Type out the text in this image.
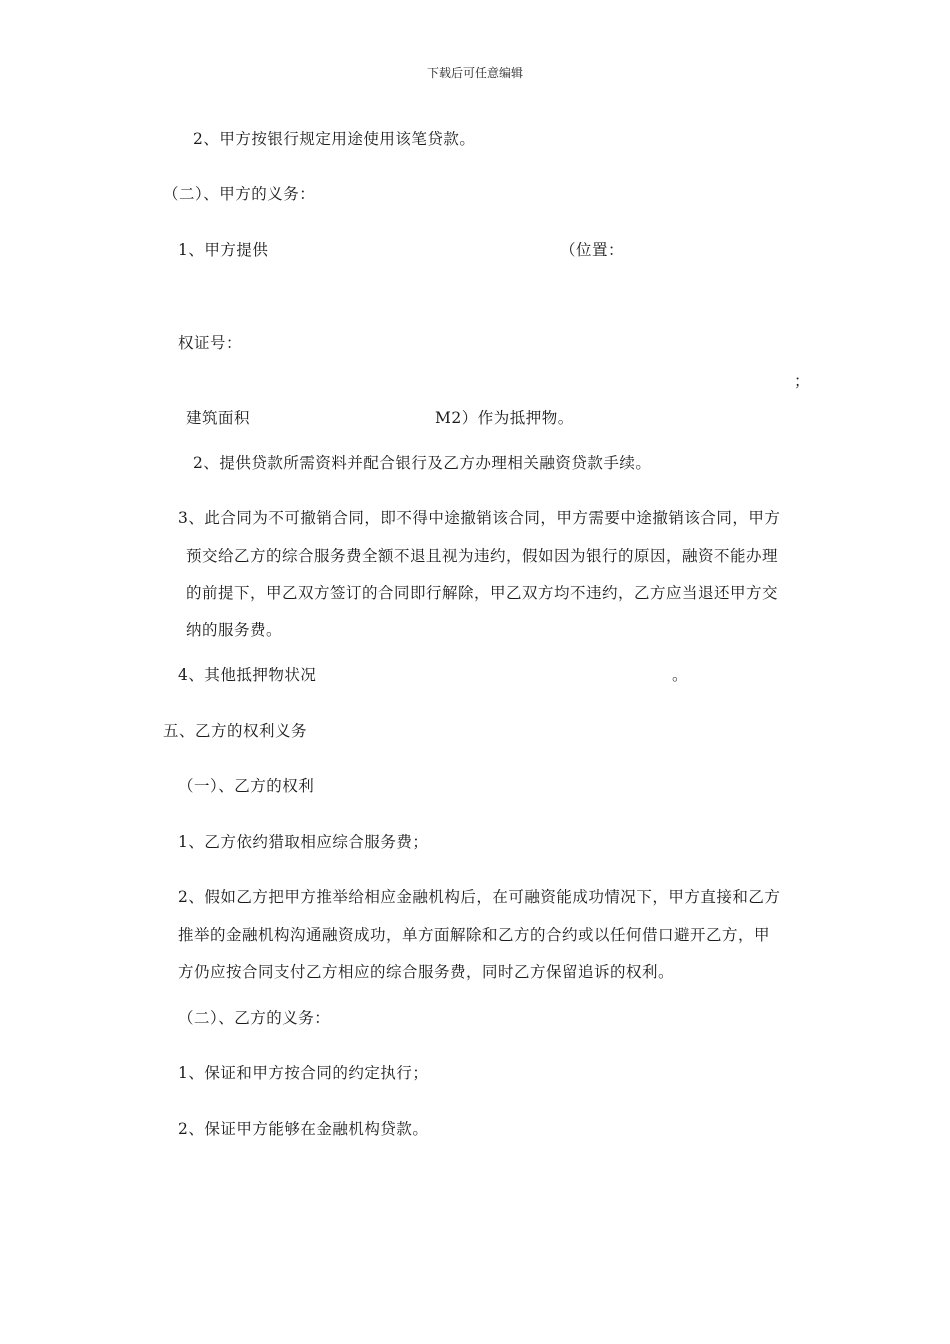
下载后可任意编辑
2、甲方按银行规定用途使用该笔贷款。
（二）、甲方的义务：
1、甲方提供	（位置：
权证号：
；
建筑面积	M2）作为抵押物。
2、提供贷款所需资料并配合银行及乙方办理相关融资贷款手续。
3、此合同为不可撤销合同，即不得中途撤销该合同，甲方需要中途撤销该合同，甲方
预交给乙方的综合服务费全额不退且视为违约，假如因为银行的原因，融资不能办理
的前提下，甲乙双方签订的合同即行解除，甲乙双方均不违约，乙方应当退还甲方交
纳的服务费。
4、其他抵押物状况	。
五、乙方的权利义务
（一）、乙方的权利
1、乙方依约猎取相应综合服务费；
2、假如乙方把甲方推举给相应金融机构后，在可融资能成功情况下，甲方直接和乙方
推举的金融机构沟通融资成功，单方面解除和乙方的合约或以任何借口避开乙方，甲
方仍应按合同支付乙方相应的综合服务费，同时乙方保留追诉的权利。
（二）、乙方的义务：
1、保证和甲方按合同的约定执行；
2、保证甲方能够在金融机构贷款。
